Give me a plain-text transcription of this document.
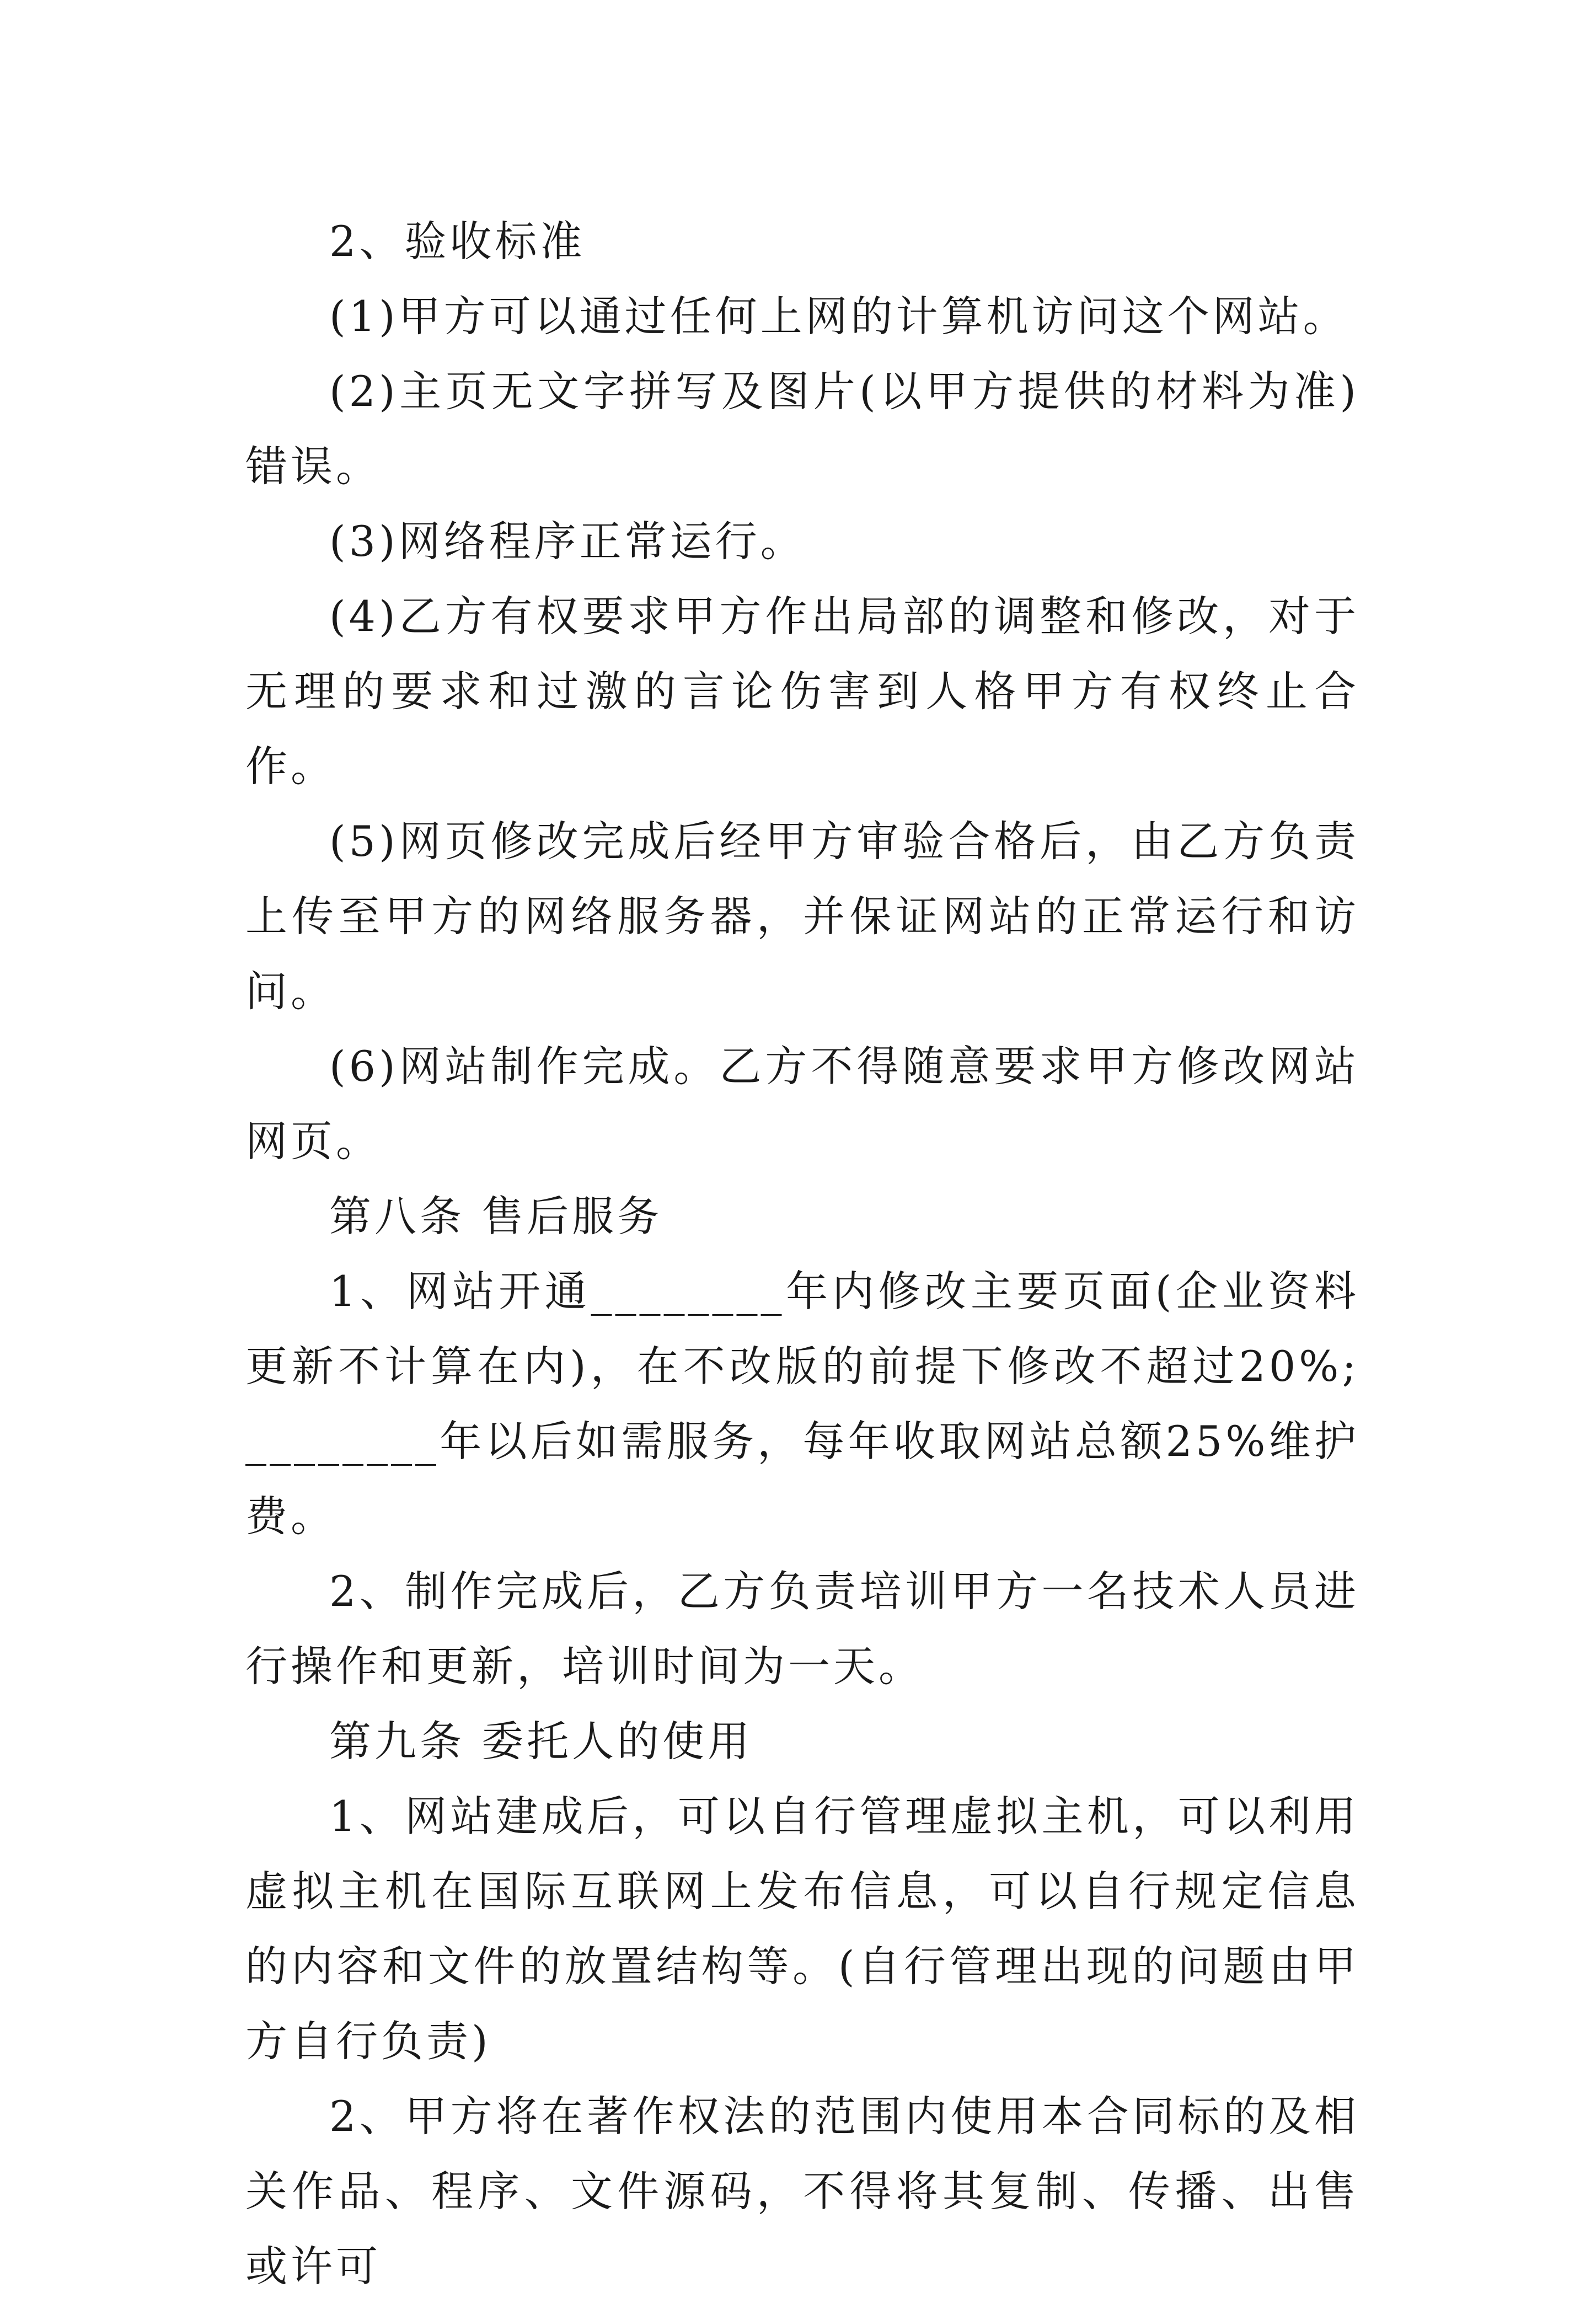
2、验收标准

(1)甲方可以通过任何上网的计算机访问这个网站。

(2)主页无文字拼写及图片(以甲方提供的材料为准)错误。

(3)网络程序正常运行。

(4)乙方有权要求甲方作出局部的调整和修改，对于无理的要求和过激的言论伤害到人格甲方有权终止合作。

(5)网页修改完成后经甲方审验合格后，由乙方负责上传至甲方的网络服务器，并保证网站的正常运行和访问。

(6)网站制作完成。乙方不得随意要求甲方修改网站网页。

第八条 售后服务

1、网站开通________年内修改主要页面(企业资料更新不计算在内)，在不改版的前提下修改不超过20%;________年以后如需服务，每年收取网站总额25%维护费。

2、制作完成后，乙方负责培训甲方一名技术人员进行操作和更新，培训时间为一天。

第九条 委托人的使用

1、网站建成后，可以自行管理虚拟主机，可以利用虚拟主机在国际互联网上发布信息，可以自行规定信息的内容和文件的放置结构等。(自行管理出现的问题由甲方自行负责)

2、甲方将在著作权法的范围内使用本合同标的及相关作品、程序、文件源码，不得将其复制、传播、出售或许可
